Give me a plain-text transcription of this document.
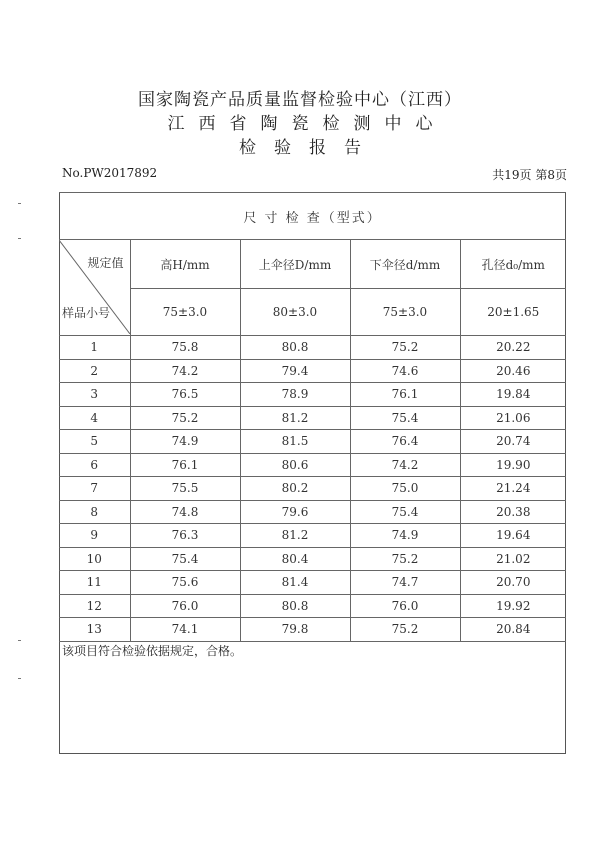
国家陶瓷产品质量监督检验中心（江西）
江西省陶瓷检测中心
检验报告
No.PW2017892	共19页 第8页
尺 寸 检 查（型式）				

规定值
样品小号	高H/mm	上伞径D/mm	下伞径d/mm	孔径d₀/mm
	75±3.0	80±3.0	75±3.0	20±1.65
1	75.8	80.8	75.2	20.22
2	74.2	79.4	74.6	20.46
3	76.5	78.9	76.1	19.84
4	75.2	81.2	75.4	21.06
5	74.9	81.5	76.4	20.74
6	76.1	80.6	74.2	19.90
7	75.5	80.2	75.0	21.24
8	74.8	79.6	75.4	20.38
9	76.3	81.2	74.9	19.64
10	75.4	80.4	75.2	21.02
11	75.6	81.4	74.7	20.70
12	76.0	80.8	76.0	19.92
13	74.1	79.8	75.2	20.84
该项目符合检验依据规定，合格。
